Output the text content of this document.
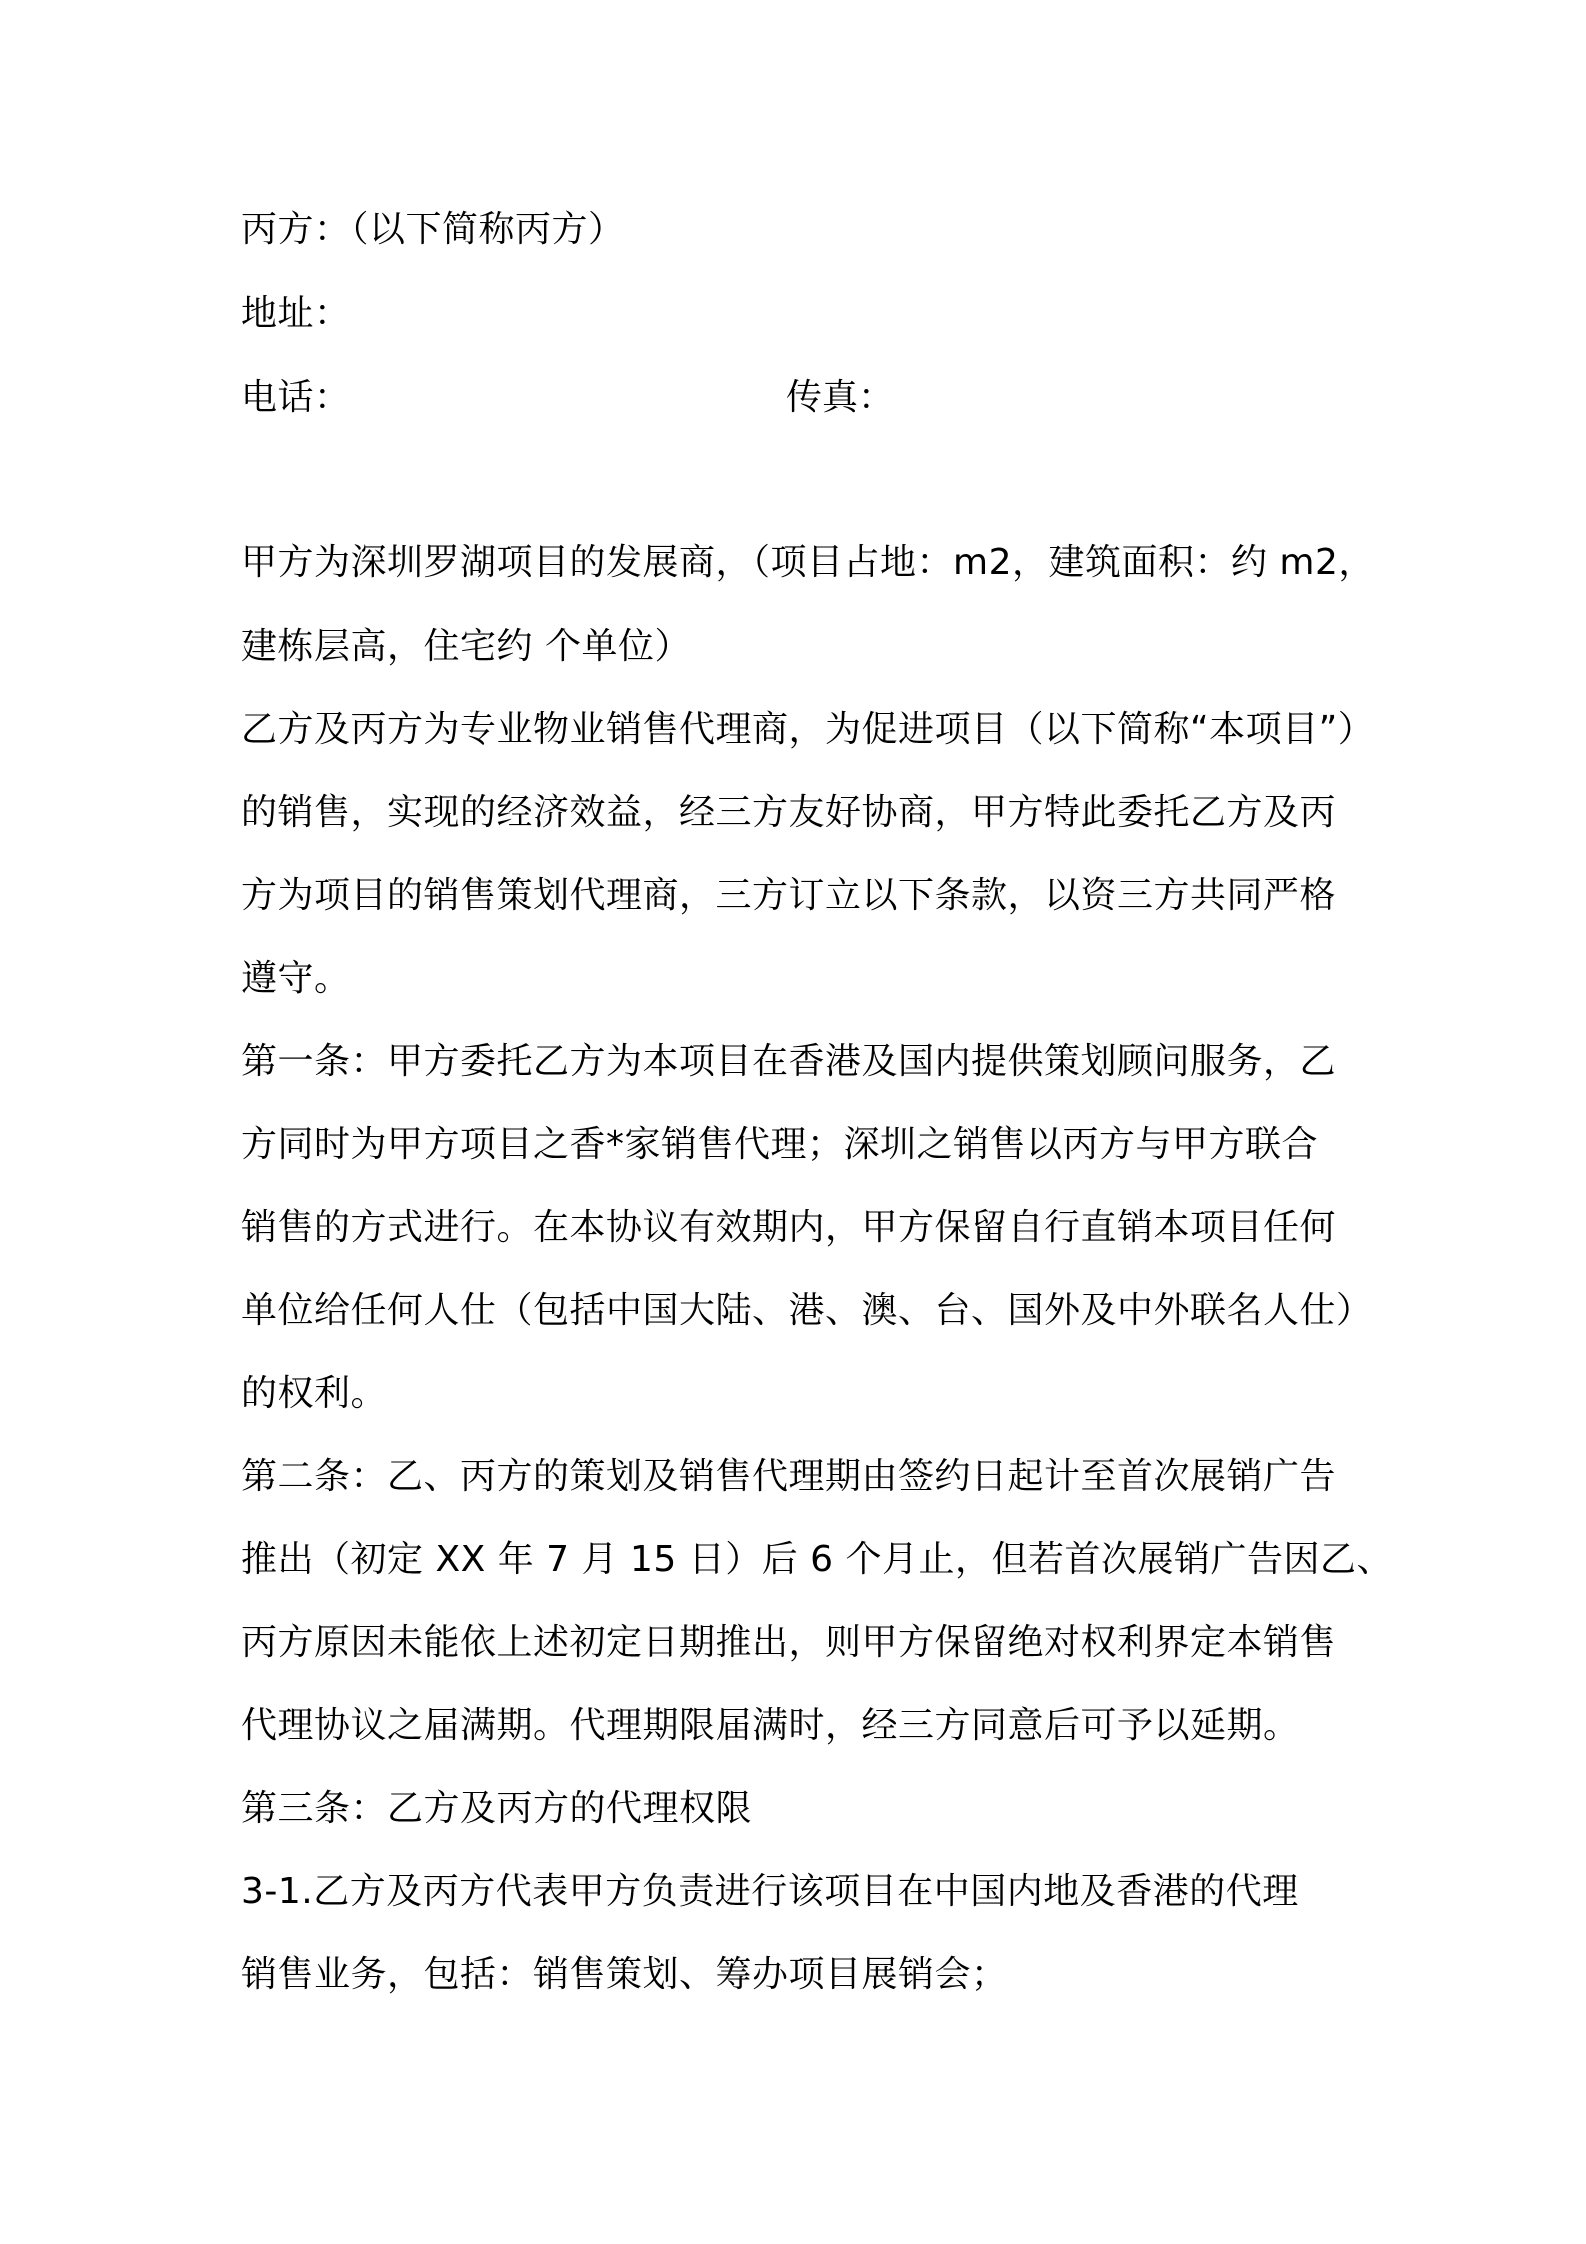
丙方：（以下简称丙方）
地址：
电话：	传真：
甲方为深圳罗湖项目的发展商，（项目占地：m2，建筑面积：约 m2，
建栋层高，住宅约 个单位）
乙方及丙方为专业物业销售代理商，为促进项目（以下简称“本项目”）
的销售，实现的经济效益，经三方友好协商，甲方特此委托乙方及丙
方为项目的销售策划代理商，三方订立以下条款，以资三方共同严格
遵守。
第一条：甲方委托乙方为本项目在香港及国内提供策划顾问服务，乙
方同时为甲方项目之香*家销售代理；深圳之销售以丙方与甲方联合
销售的方式进行。在本协议有效期内，甲方保留自行直销本项目任何
单位给任何人仕（包括中国大陆、港、澳、台、国外及中外联名人仕）
的权利。
第二条：乙、丙方的策划及销售代理期由签约日起计至首次展销广告
推出（初定 XX 年 7 月 15 日）后 6 个月止，但若首次展销广告因乙、
丙方原因未能依上述初定日期推出，则甲方保留绝对权利界定本销售
代理协议之届满期。代理期限届满时，经三方同意后可予以延期。
第三条：乙方及丙方的代理权限
3-1.乙方及丙方代表甲方负责进行该项目在中国内地及香港的代理
销售业务，包括：销售策划、筹办项目展销会；
